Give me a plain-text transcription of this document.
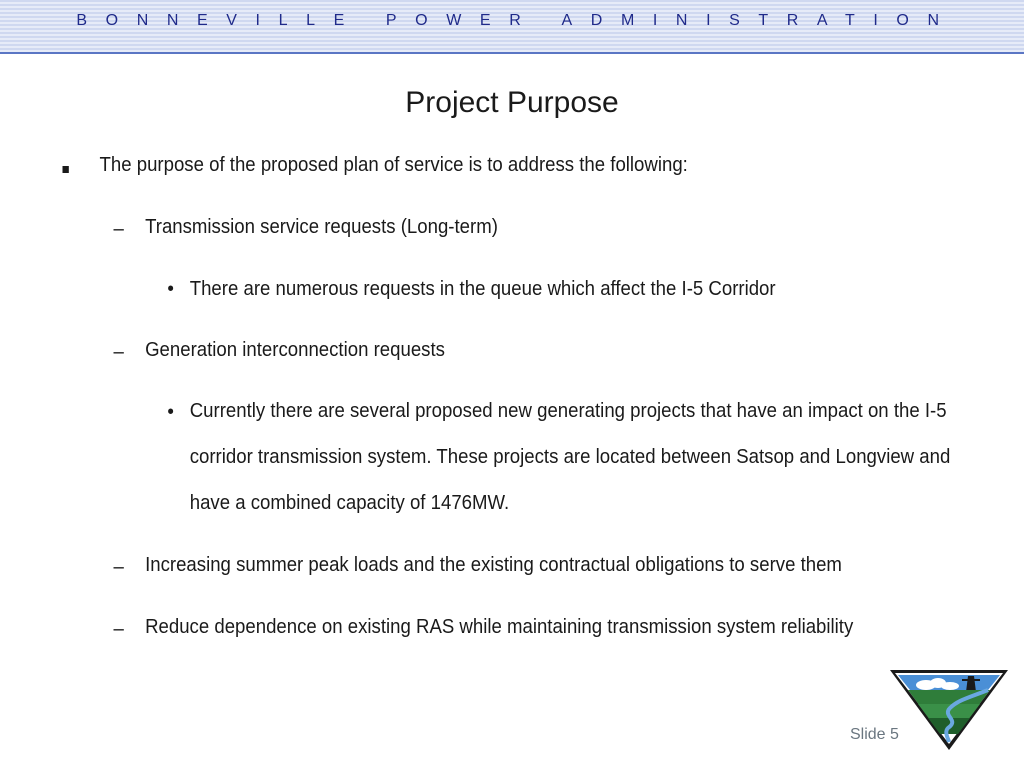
BONNEVILLE POWER ADMINISTRATION
Project Purpose
The purpose of the proposed plan of service is to address the following:
– Transmission service requests (Long-term)
• There are numerous requests in the queue which affect the I-5 Corridor
– Generation interconnection requests
• Currently there are several proposed new generating projects that have an impact on the I-5 corridor transmission system. These projects are located between Satsop and Longview and have a combined capacity of 1476MW.
– Increasing summer peak loads and the existing contractual obligations to serve them
– Reduce dependence on existing RAS while maintaining transmission system reliability
Slide 5
